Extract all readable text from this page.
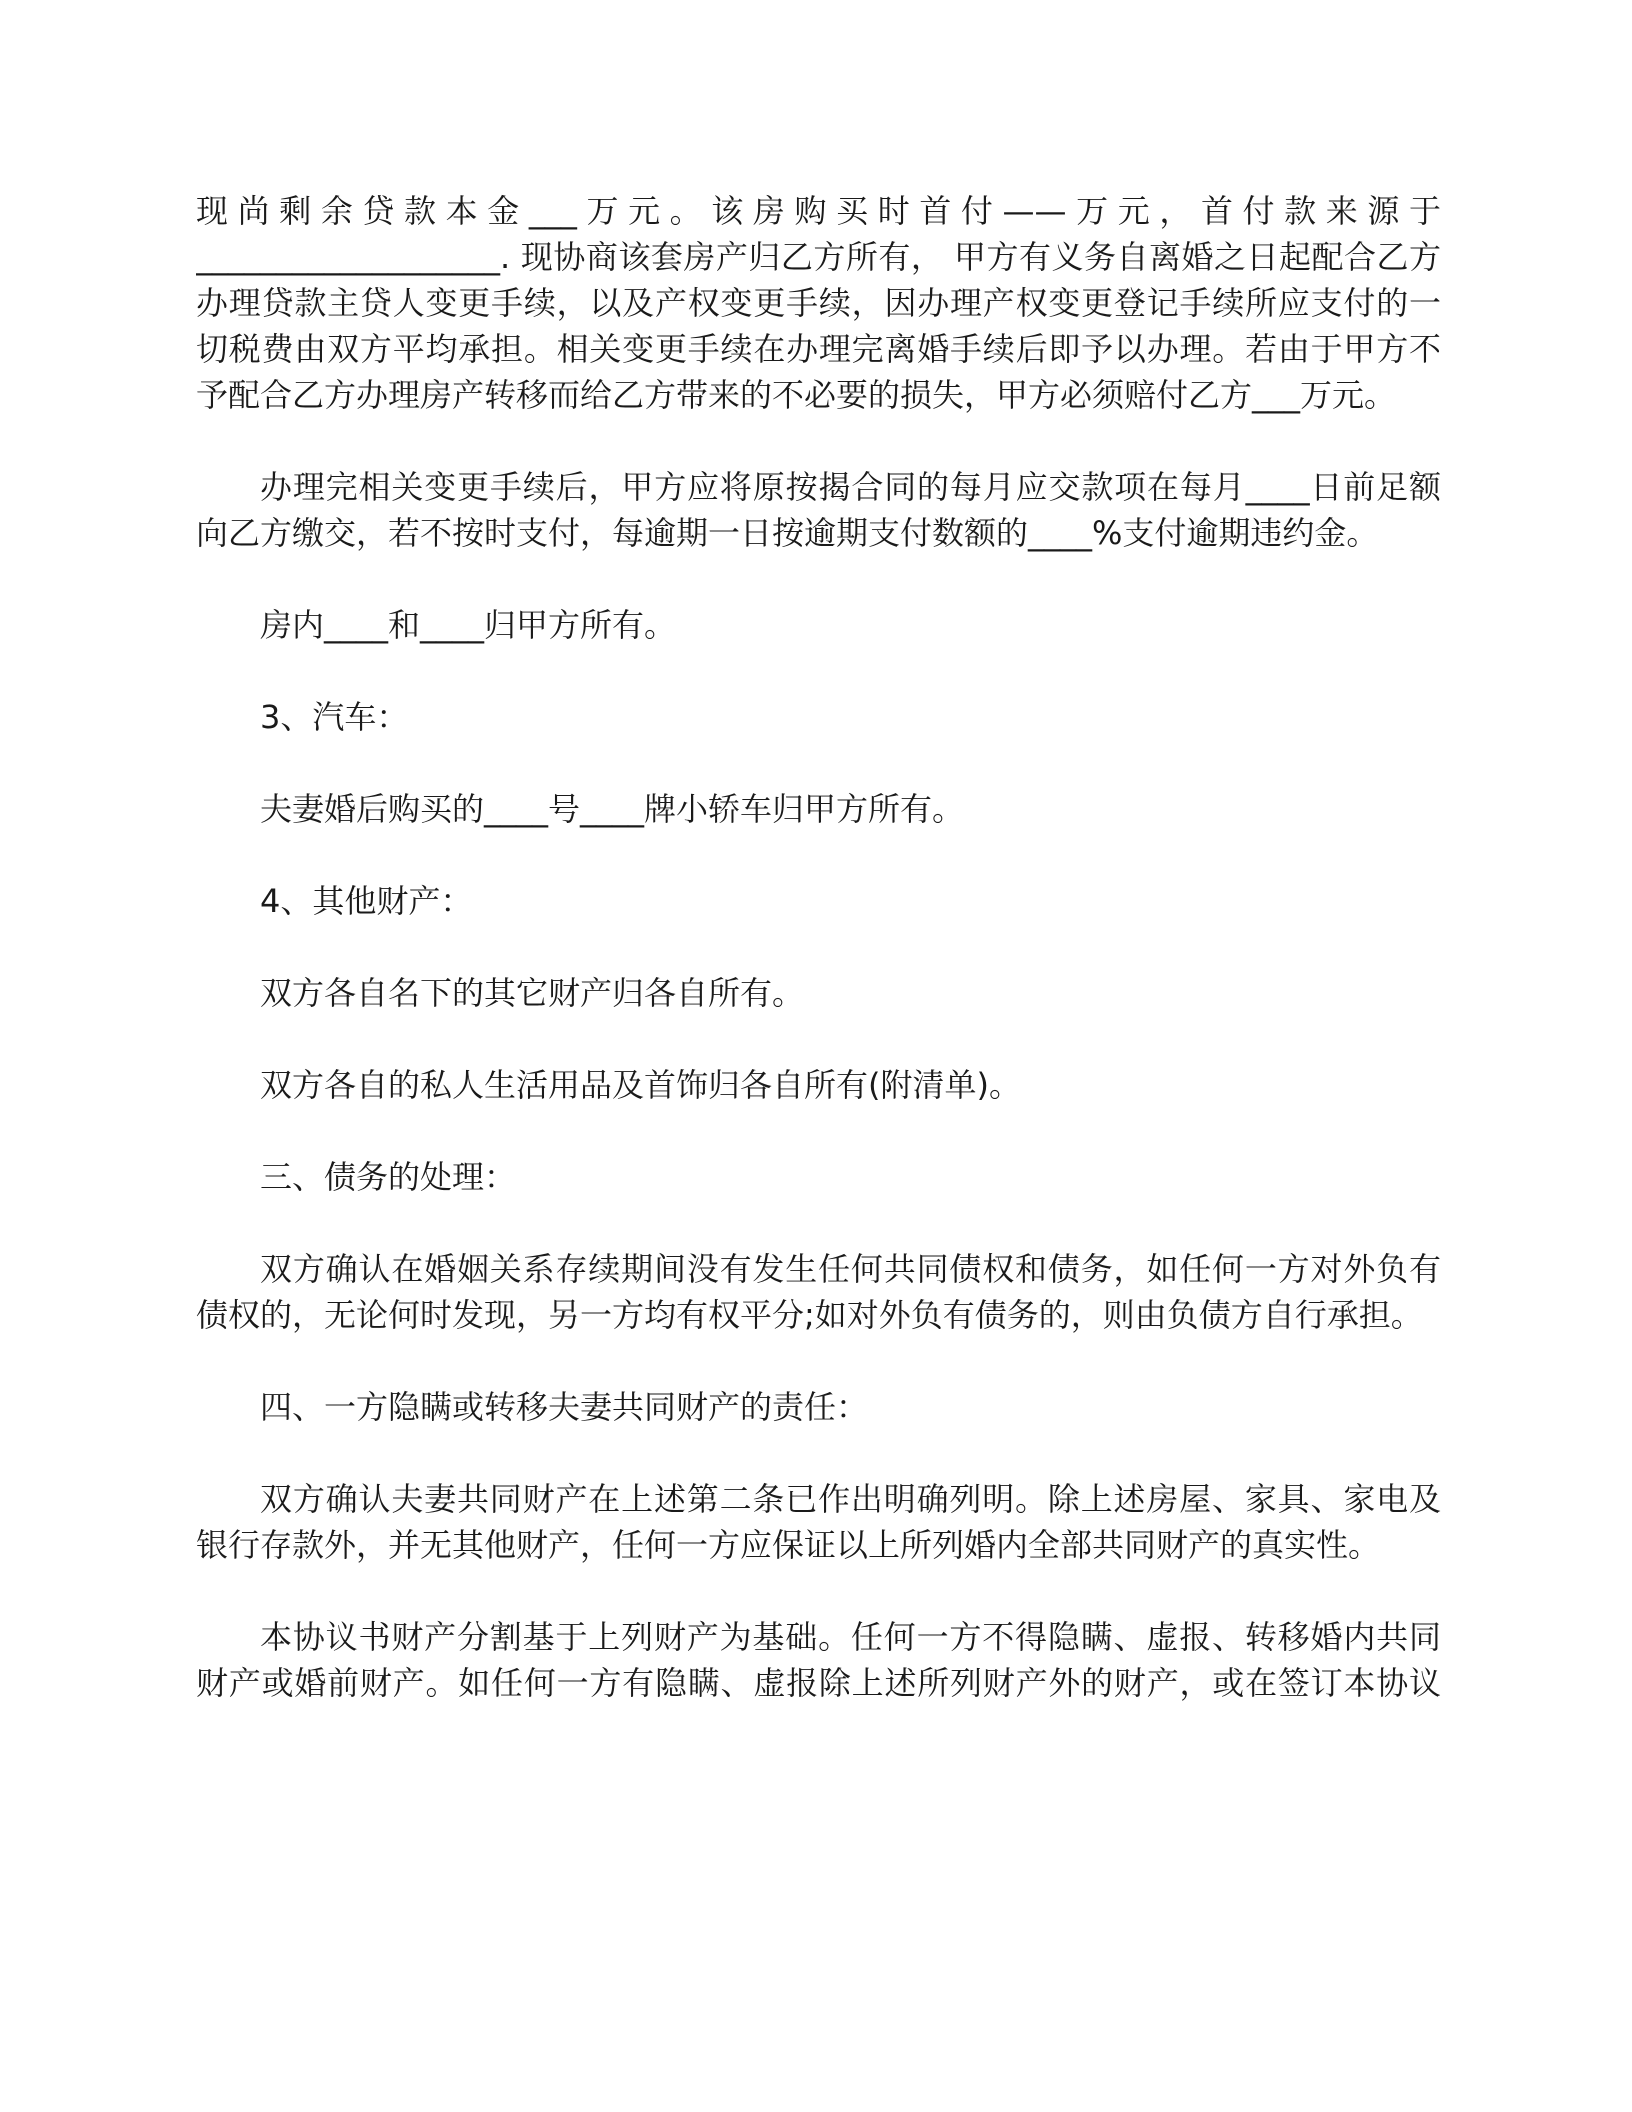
现尚剩余贷款本金___万元。该房购买时首付——万元，首付款来源于
___________________. 现协商该套房产归乙方所有， 甲方有义务自离婚之日起配合乙方
办理贷款主贷人变更手续，以及产权变更手续，因办理产权变更登记手续所应支付的一
切税费由双方平均承担。相关变更手续在办理完离婚手续后即予以办理。若由于甲方不
予配合乙方办理房产转移而给乙方带来的不必要的损失，甲方必须赔付乙方___万元。
办理完相关变更手续后，甲方应将原按揭合同的每月应交款项在每月____日前足额
向乙方缴交，若不按时支付，每逾期一日按逾期支付数额的____%支付逾期违约金。
房内____和____归甲方所有。
3、汽车：
夫妻婚后购买的____号____牌小轿车归甲方所有。
4、其他财产：
双方各自名下的其它财产归各自所有。
双方各自的私人生活用品及首饰归各自所有(附清单)。
三、债务的处理：
双方确认在婚姻关系存续期间没有发生任何共同债权和债务，如任何一方对外负有
债权的，无论何时发现，另一方均有权平分;如对外负有债务的，则由负债方自行承担。
四、一方隐瞒或转移夫妻共同财产的责任：
双方确认夫妻共同财产在上述第二条已作出明确列明。除上述房屋、家具、家电及
银行存款外，并无其他财产，任何一方应保证以上所列婚内全部共同财产的真实性。
本协议书财产分割基于上列财产为基础。任何一方不得隐瞒、虚报、转移婚内共同
财产或婚前财产。如任何一方有隐瞒、虚报除上述所列财产外的财产，或在签订本协议
